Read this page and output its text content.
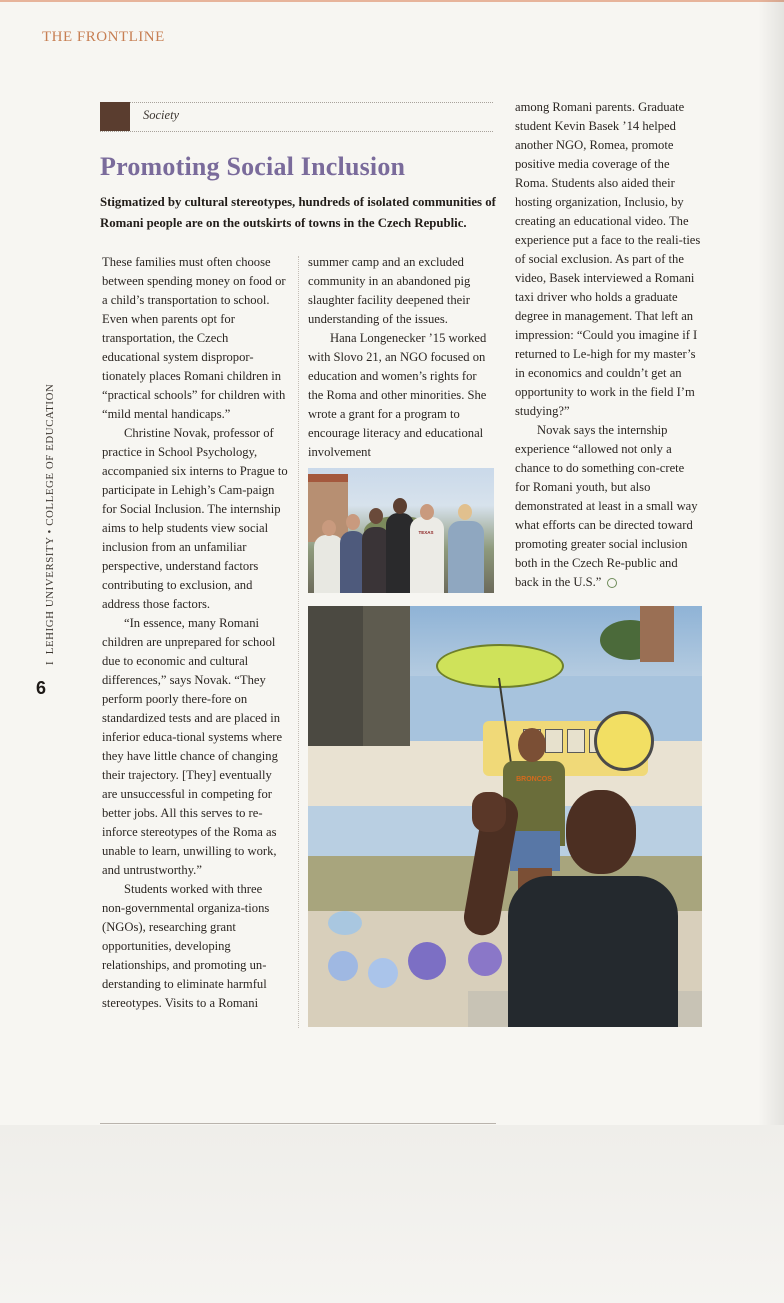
THE FRONTLINE
I  LEHIGH UNIVERSITY • COLLEGE OF EDUCATION
6
Society
Promoting Social Inclusion

Stigmatized by cultural stereotypes, hundreds of isolated communities of Romani people are on the outskirts of towns in the Czech Republic.

These families must often choose between spending money on food or a child’s transportation to school. Even when parents opt for transportation, the Czech educational system dispropor-tionately places Romani children in “practical schools” for children with “mild mental handicaps.”

Christine Novak, professor of practice in School Psychology, accompanied six interns to Prague to participate in Lehigh’s Cam-paign for Social Inclusion. The internship aims to help students view social inclusion from an unfamiliar perspective, understand factors contributing to exclusion, and address those factors.

“In essence, many Romani children are unprepared for school due to economic and cultural differences,” says Novak. “They perform poorly there-fore on standardized tests and are placed in inferior educa-tional systems where they have little chance of changing their trajectory. [They] eventually are unsuccessful in competing for better jobs. All this serves to re-inforce stereotypes of the Roma as unable to learn, unwilling to work, and untrustworthy.”

Students worked with three non-governmental organiza-tions (NGOs), researching grant opportunities, developing relationships, and promoting un-derstanding to eliminate harmful stereotypes. Visits to a Romani

summer camp and an excluded community in an abandoned pig slaughter facility deepened their understanding of the issues.

Hana Longenecker ’15 worked with Slovo 21, an NGO focused on education and women’s rights for the Roma and other minorities. She wrote a grant for a program to encourage literacy and educational involvement

among Romani parents. Graduate student Kevin Basek ’14 helped another NGO, Romea, promote positive media coverage of the Roma. Students also aided their hosting organization, Inclusio, by creating an educational video. The experience put a face to the reali-ties of social exclusion. As part of the video, Basek interviewed a Romani taxi driver who holds a graduate degree in management. That left an impression: “Could you imagine if I returned to Le-high for my master’s in economics and couldn’t get an opportunity to work in the field I’m studying?”

Novak says the internship experience “allowed not only a chance to do something con-crete for Romani youth, but also demonstrated at least in a small way what efforts can be directed toward promoting greater social inclusion both in the Czech Re-public and back in the U.S.”

TEXAS
BRONCOS
